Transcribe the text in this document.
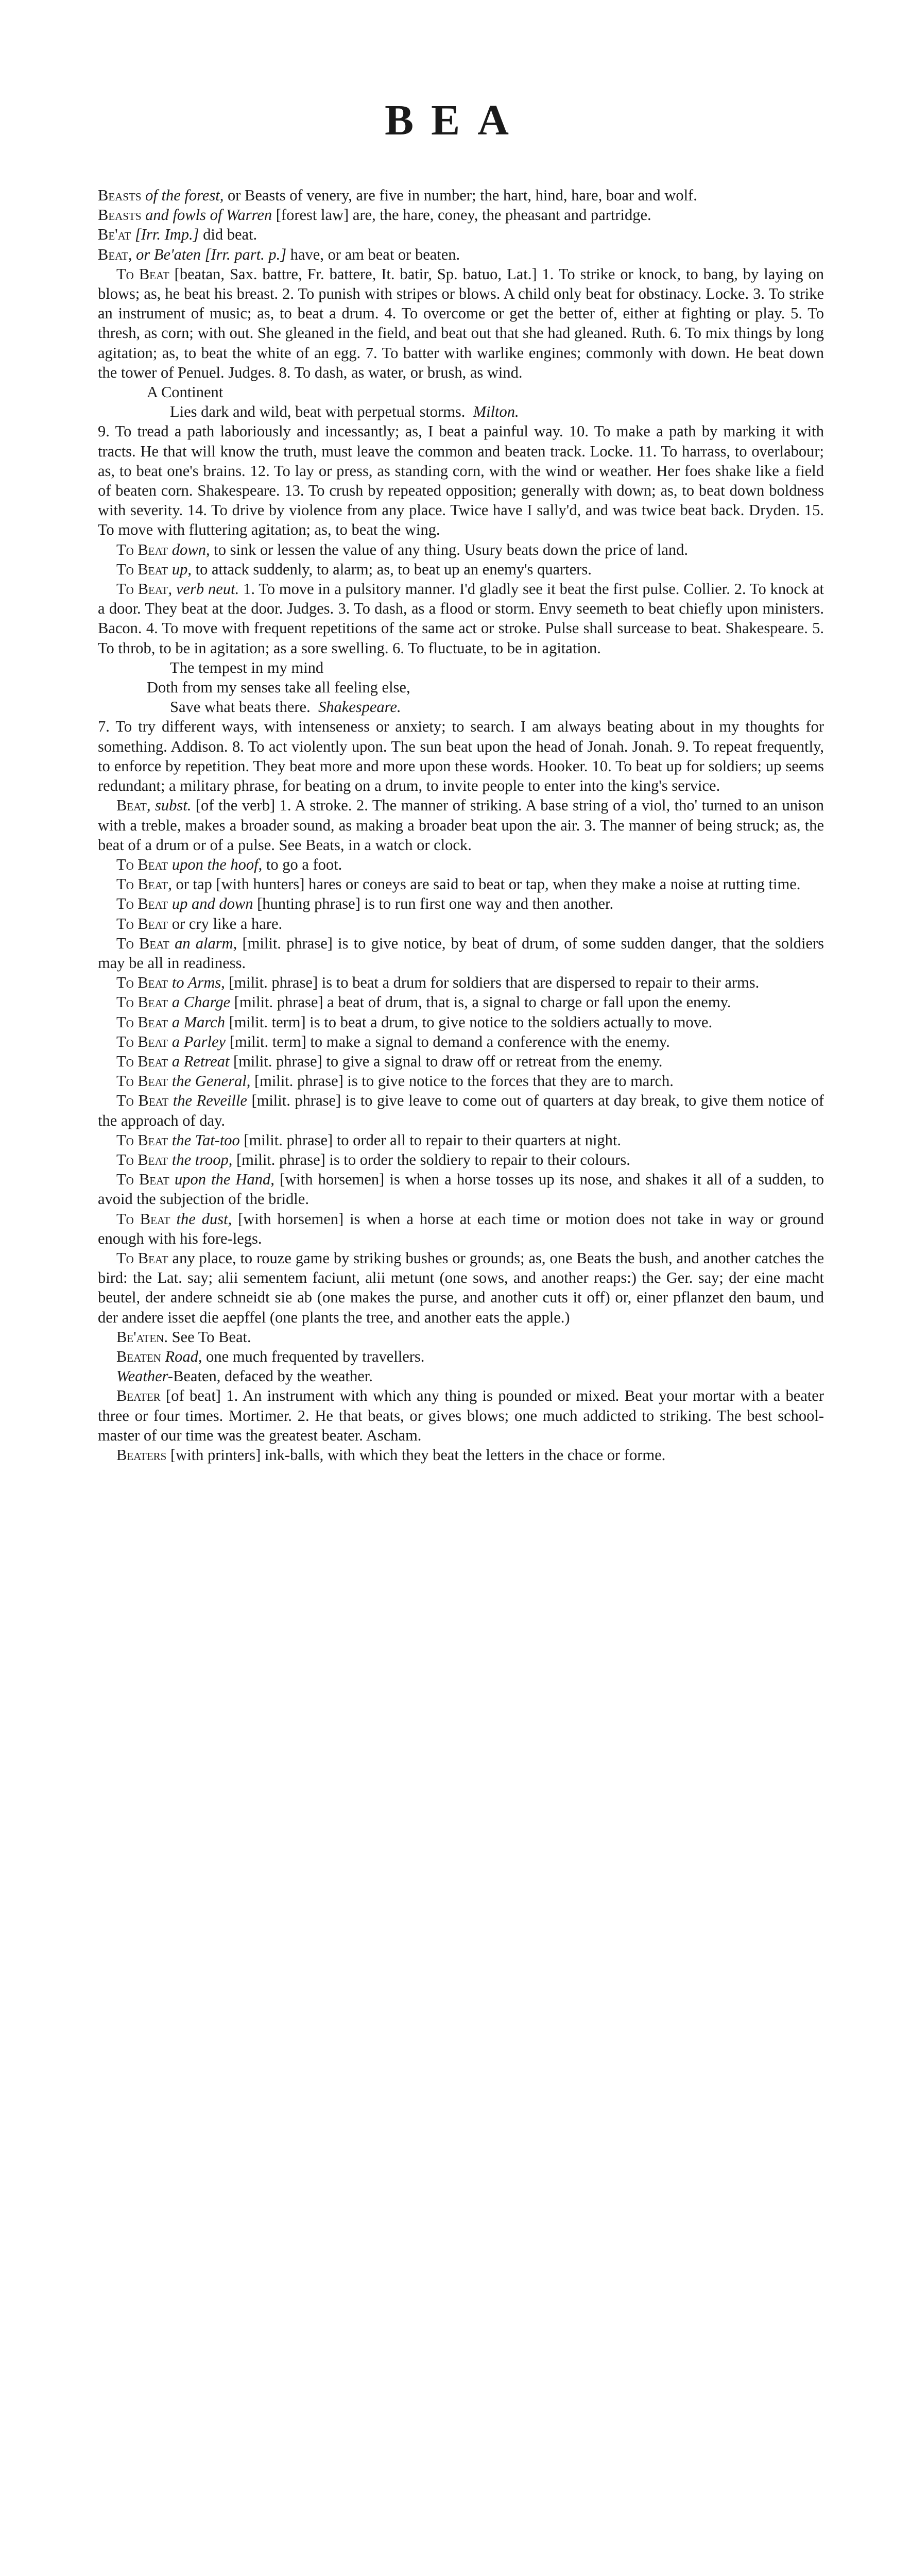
BEA

Beasts of the forest, or Beasts of venery, are five in number; the hart, hind, hare, boar and wolf.

Beasts and fowls of Warren [forest law] are, the hare, coney, the pheasant and partridge.

Be'at [Irr. Imp.] did beat.

Beat, or Be'aten [Irr. part. p.] have, or am beat or beaten.

To Beat [beatan, Sax. battre, Fr. battere, It. batir, Sp. batuo, Lat.] 1. To strike or knock, to bang, by laying on blows; as, he beat his breast. 2. To punish with stripes or blows. A child only beat for obstinacy. Locke. 3. To strike an instrument of music; as, to beat a drum. 4. To overcome or get the better of, either at fighting or play. 5. To thresh, as corn; with out. She gleaned in the field, and beat out that she had gleaned. Ruth. 6. To mix things by long agitation; as, to beat the white of an egg. 7. To batter with warlike engines; commonly with down. He beat down the tower of Penuel. Judges. 8. To dash, as water, or brush, as wind.

A Continent

Lies dark and wild, beat with perpetual storms. Milton.

9. To tread a path laboriously and incessantly; as, I beat a painful way. 10. To make a path by marking it with tracts. He that will know the truth, must leave the common and beaten track. Locke. 11. To harrass, to overlabour; as, to beat one's brains. 12. To lay or press, as standing corn, with the wind or weather. Her foes shake like a field of beaten corn. Shakespeare. 13. To crush by repeated opposition; generally with down; as, to beat down boldness with severity. 14. To drive by violence from any place. Twice have I sally'd, and was twice beat back. Dryden. 15. To move with fluttering agitation; as, to beat the wing.

To Beat down, to sink or lessen the value of any thing. Usury beats down the price of land.

To Beat up, to attack suddenly, to alarm; as, to beat up an enemy's quarters.

To Beat, verb neut. 1. To move in a pulsitory manner. I'd gladly see it beat the first pulse. Collier. 2. To knock at a door. They beat at the door. Judges. 3. To dash, as a flood or storm. Envy seemeth to beat chiefly upon ministers. Bacon. 4. To move with frequent repetitions of the same act or stroke. Pulse shall surcease to beat. Shakespeare. 5. To throb, to be in agitation; as a sore swelling. 6. To fluctuate, to be in agitation.

The tempest in my mind

Doth from my senses take all feeling else,

Save what beats there. Shakespeare.

7. To try different ways, with intenseness or anxiety; to search. I am always beating about in my thoughts for something. Addison. 8. To act violently upon. The sun beat upon the head of Jonah. Jonah. 9. To repeat frequently, to enforce by repetition. They beat more and more upon these words. Hooker. 10. To beat up for soldiers; up seems redundant; a military phrase, for beating on a drum, to invite people to enter into the king's service.

Beat, subst. [of the verb] 1. A stroke. 2. The manner of striking. A base string of a viol, tho' turned to an unison with a treble, makes a broader sound, as making a broader beat upon the air. 3. The manner of being struck; as, the beat of a drum or of a pulse. See Beats, in a watch or clock.

To Beat upon the hoof, to go a foot.

To Beat, or tap [with hunters] hares or coneys are said to beat or tap, when they make a noise at rutting time.

To Beat up and down [hunting phrase] is to run first one way and then another.

To Beat or cry like a hare.

To Beat an alarm, [milit. phrase] is to give notice, by beat of drum, of some sudden danger, that the soldiers may be all in readiness.

To Beat to Arms, [milit. phrase] is to beat a drum for soldiers that are dispersed to repair to their arms.

To Beat a Charge [milit. phrase] a beat of drum, that is, a signal to charge or fall upon the enemy.

To Beat a March [milit. term] is to beat a drum, to give notice to the soldiers actually to move.

To Beat a Parley [milit. term] to make a signal to demand a conference with the enemy.

To Beat a Retreat [milit. phrase] to give a signal to draw off or retreat from the enemy.

To Beat the General, [milit. phrase] is to give notice to the forces that they are to march.

To Beat the Reveille [milit. phrase] is to give leave to come out of quarters at day break, to give them notice of the approach of day.

To Beat the Tat-too [milit. phrase] to order all to repair to their quarters at night.

To Beat the troop, [milit. phrase] is to order the soldiery to repair to their colours.

To Beat upon the Hand, [with horsemen] is when a horse tosses up its nose, and shakes it all of a sudden, to avoid the subjection of the bridle.

To Beat the dust, [with horsemen] is when a horse at each time or motion does not take in way or ground enough with his fore-legs.

To Beat any place, to rouze game by striking bushes or grounds; as, one Beats the bush, and another catches the bird: the Lat. say; alii sementem faciunt, alii metunt (one sows, and another reaps:) the Ger. say; der eine macht beutel, der andere schneidt sie ab (one makes the purse, and another cuts it off) or, einer pflanzet den baum, und der andere isset die aepffel (one plants the tree, and another eats the apple.)

Be'aten. See To Beat.

Beaten Road, one much frequented by travellers.

Weather-Beaten, defaced by the weather.

Beater [of beat] 1. An instrument with which any thing is pounded or mixed. Beat your mortar with a beater three or four times. Mortimer. 2. He that beats, or gives blows; one much addicted to striking. The best school-master of our time was the greatest beater. Ascham.

Beaters [with printers] ink-balls, with which they beat the letters in the chace or forme.
